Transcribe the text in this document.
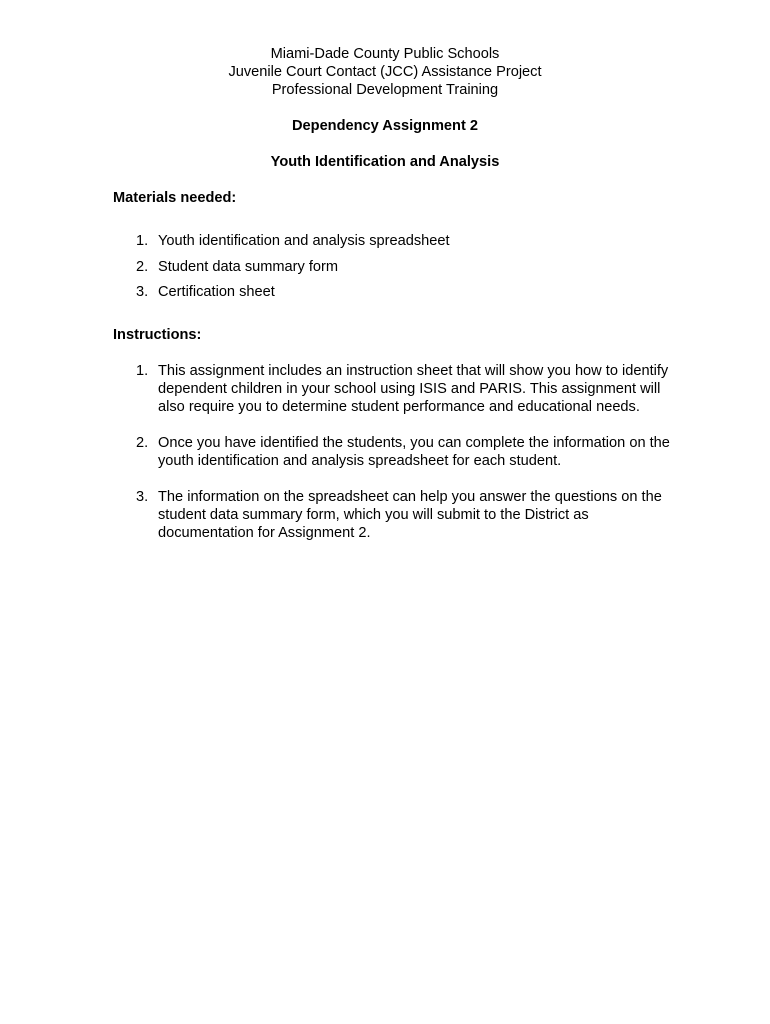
Miami-Dade County Public Schools
Juvenile Court Contact (JCC) Assistance Project
Professional Development Training
Dependency Assignment 2
Youth Identification and Analysis
Materials needed:
1. Youth identification and analysis spreadsheet
2. Student data summary form
3. Certification sheet
Instructions:
1. This assignment includes an instruction sheet that will show you how to identify dependent children in your school using ISIS and PARIS. This assignment will also require you to determine student performance and educational needs.
2. Once you have identified the students, you can complete the information on the youth identification and analysis spreadsheet for each student.
3. The information on the spreadsheet can help you answer the questions on the student data summary form, which you will submit to the District as documentation for Assignment 2.
